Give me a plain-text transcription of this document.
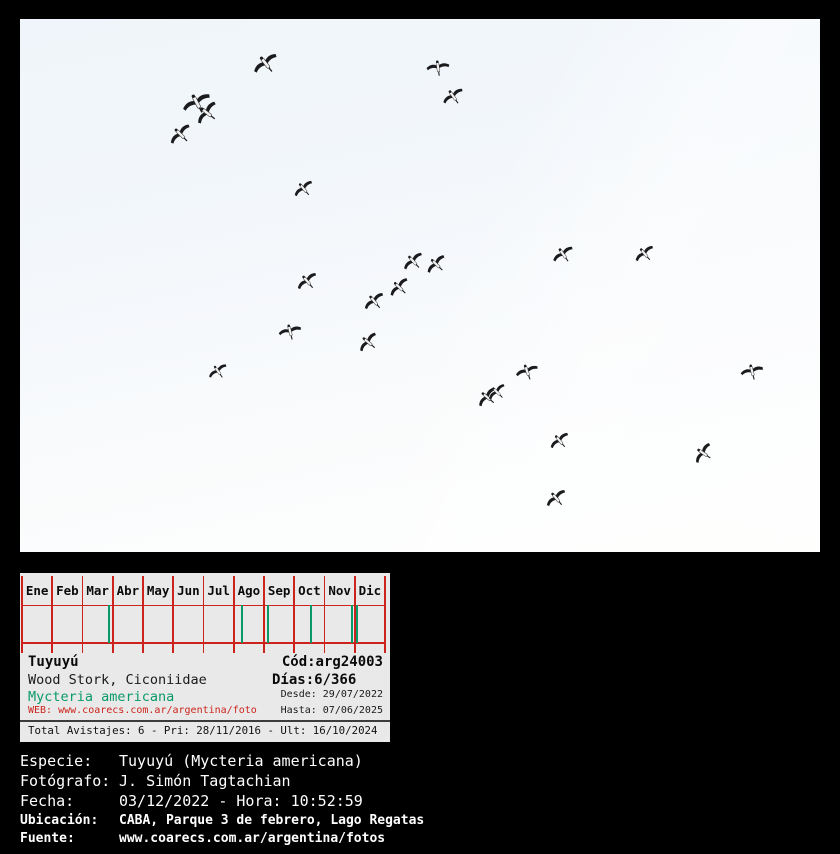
Ene Feb Mar Abr May Jun Jul Ago Sep Oct Nov Dic
Tuyuyú	Cód:arg24003
Wood Stork, Ciconiidae	Días:6/366
Mycteria americana	Desde: 29/07/2022
WEB: www.coarecs.com.ar/argentina/foto Hasta: 07/06/2025
Total Avistajes: 6 - Pri: 28/11/2016 - Ult: 16/10/2024
Especie: Tuyuyú (Mycteria americana)
Fotógrafo: J. Simón Tagtachian
Fecha:	03/12/2022 - Hora: 10:52:59
Ubicación: CABA, Parque 3 de febrero, Lago Regatas
Fuente:	www.coarecs.com.ar/argentina/fotos
